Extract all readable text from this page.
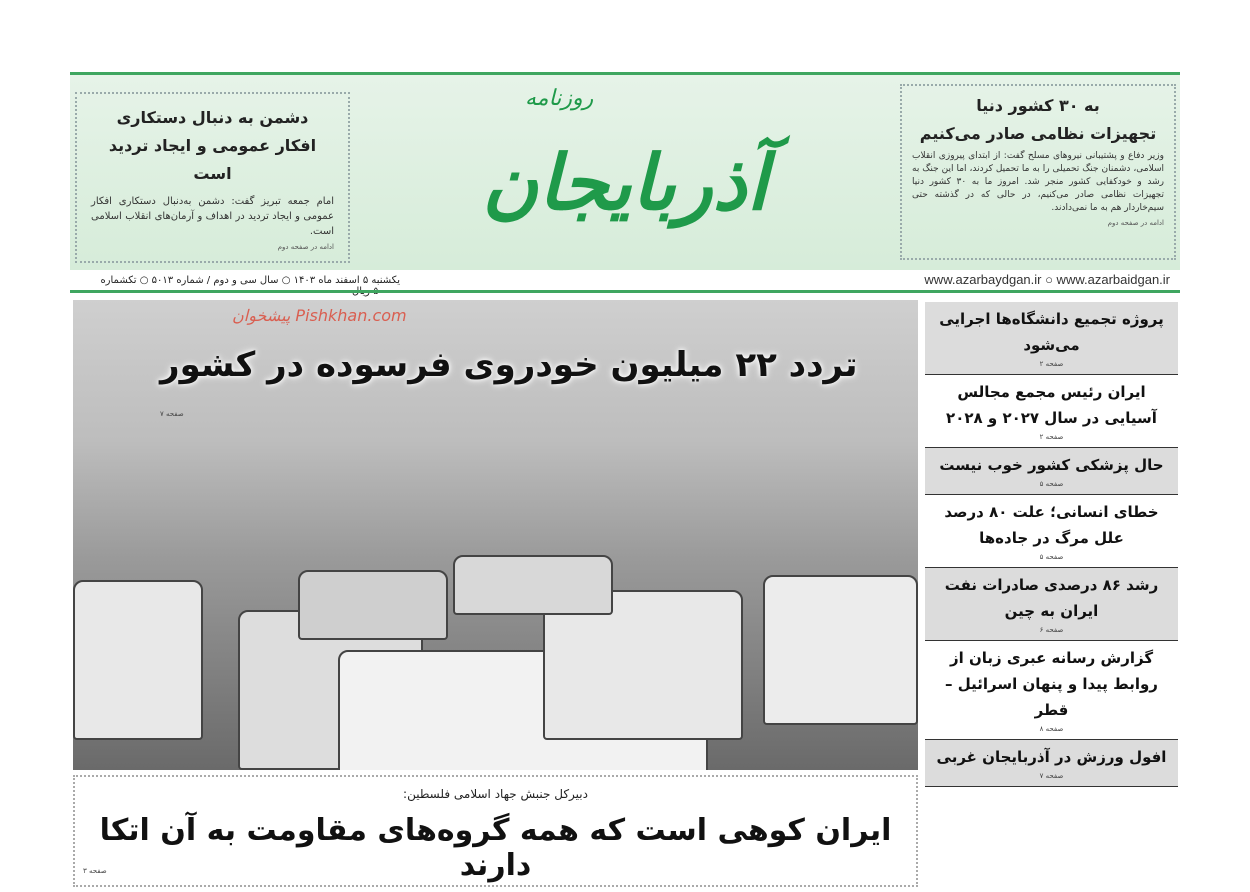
دشمن به دنبال دستکاری
افکار عمومی و ایجاد تردید است

امام جمعه تبریز گفت: دشمن به‌دنبال دستکاری افکار عمومی و ایجاد تردید در اهداف و آرمان‌های انقلاب اسلامی است.

ادامه در صفحه دوم
به ۳۰ کشور دنیا
تجهیزات نظامی صادر می‌کنیم

وزیر دفاع و پشتیبانی نیروهای مسلح گفت: از ابتدای پیروزی انقلاب اسلامی، دشمنان جنگ تحمیلی را به ما تحمیل کردند، اما این جنگ به رشد و خودکفایی کشور منجر شد. امروز ما به ۳۰ کشور دنیا تجهیزات نظامی صادر می‌کنیم، در حالی که در گذشته حتی سیم‌خاردار هم به ما نمی‌دادند.

ادامه در صفحه دوم
آذربایجان
روزنامه
یکشنبه ۵ اسفند ماه ۱۴۰۳ ○ سال سی و دوم / شماره ۵۰۱۳ ○ تکشماره	www.azarbaydgan.ir ○ www.azarbaidgan.ir
تردد ۲۲ میلیون خودروی فرسوده در کشور
پیشخوان Pishkhan.com
صفحه ۷
دبیرکل جنبش جهاد اسلامی فلسطین:
ایران کوهی است که همه گروه‌های مقاومت به آن اتکا دارند
صفحه ۳
پروژه تجمیع دانشگاه‌ها اجرایی می‌شود
صفحه ۲
ایران رئیس مجمع مجالس آسیایی در سال ۲۰۲۷ و ۲۰۲۸
صفحه ۲
حال پزشکی کشور خوب نیست
صفحه ۵
خطای انسانی؛ علت ۸۰ درصد علل مرگ در جاده‌ها
صفحه ۵
رشد ۸۶ درصدی صادرات نفت ایران به چین
صفحه ۶
گزارش رسانه عبری زبان از روابط پیدا و پنهان اسرائیل – قطر
صفحه ۸
افول ورزش در آذربایجان غربی
صفحه ۷
